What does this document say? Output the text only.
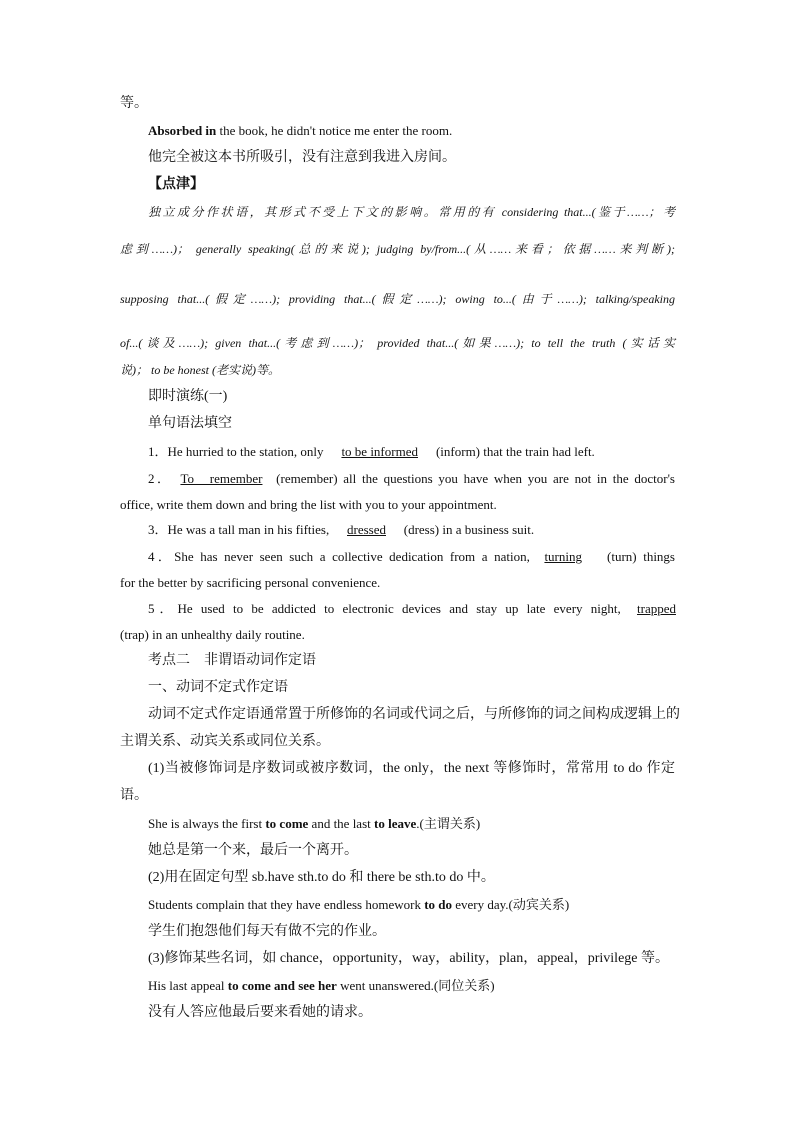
等。
Absorbed in the book, he didn't notice me enter the room.
他完全被这本书所吸引，没有注意到我进入房间。
【点津】
独立成分作状语，其形式不受上下文的影响。常用的有 considering that...(鉴于……；考
虑到……)； generally speaking(总的来说); judging by/from...(从……来看；依据……来判断);
supposing that...(假定……); providing that...(假定……); owing to...(由于……); talking/speaking
of...(谈及……); given that...(考虑到……)； provided that...(如果……); to tell the truth (实话实
说)； to be honest (老实说)等。
即时演练(一)
单句语法填空
1．He hurried to the station, only to be informed (inform) that the train had left.
2． To remember (remember) all the questions you have when you are not in the doctor's
office, write them down and bring the list with you to your appointment.
3．He was a tall man in his fifties, dressed (dress) in a business suit.
4．She has never seen such a collective dedication from a nation, turning (turn) things
for the better by sacrificing personal convenience.
5．He used to be addicted to electronic devices and stay up late every night, trapped
(trap) in an unhealthy daily routine.
考点二　非谓语动词作定语
一、动词不定式作定语
动词不定式作定语通常置于所修饰的名词或代词之后，与所修饰的词之间构成逻辑上的
主谓关系、动宾关系或同位关系。
(1)当被修饰词是序数词或被序数词，the only，the next 等修饰时，常常用 to do 作定
语。
She is always the first to come and the last to leave.(主谓关系)
她总是第一个来，最后一个离开。
(2)用在固定句型 sb.have sth.to do 和 there be sth.to do 中。
Students complain that they have endless homework to do every day.(动宾关系)
学生们抱怨他们每天有做不完的作业。
(3)修饰某些名词，如 chance，opportunity，way，ability，plan，appeal，privilege 等。
His last appeal to come and see her went unanswered.(同位关系)
没有人答应他最后要来看她的请求。
